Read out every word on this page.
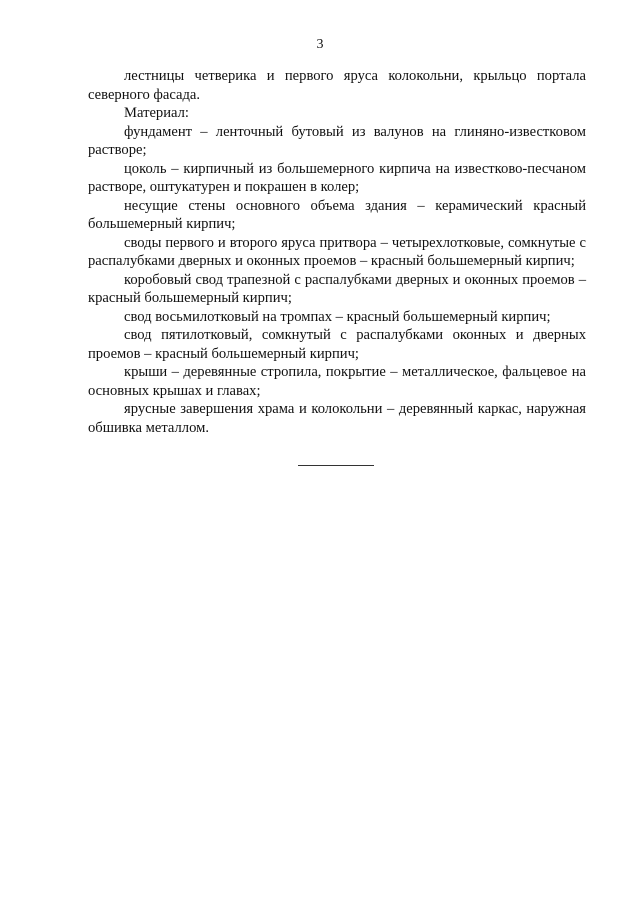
3

лестницы четверика и первого яруса колокольни, крыльцо портала северного фасада.

Материал:

фундамент – ленточный бутовый из валунов на глиняно-известковом растворе;

цоколь – кирпичный из большемерного кирпича на известково-песчаном растворе, оштукатурен и покрашен в колер;

несущие стены основного объема здания – керамический красный большемерный кирпич;

своды первого и второго яруса притвора – четырехлотковые, сомкнутые с распалубками дверных и оконных проемов – красный большемерный кирпич;

коробовый свод трапезной с распалубками дверных и оконных проемов – красный большемерный кирпич;

свод восьмилотковый на тромпах – красный большемерный кирпич;

свод пятилотковый, сомкнутый с распалубками оконных и дверных проемов – красный большемерный кирпич;

крыши – деревянные стропила, покрытие – металлическое, фальцевое на основных крышах и главах;

ярусные завершения храма и колокольни – деревянный каркас, наружная обшивка металлом.
